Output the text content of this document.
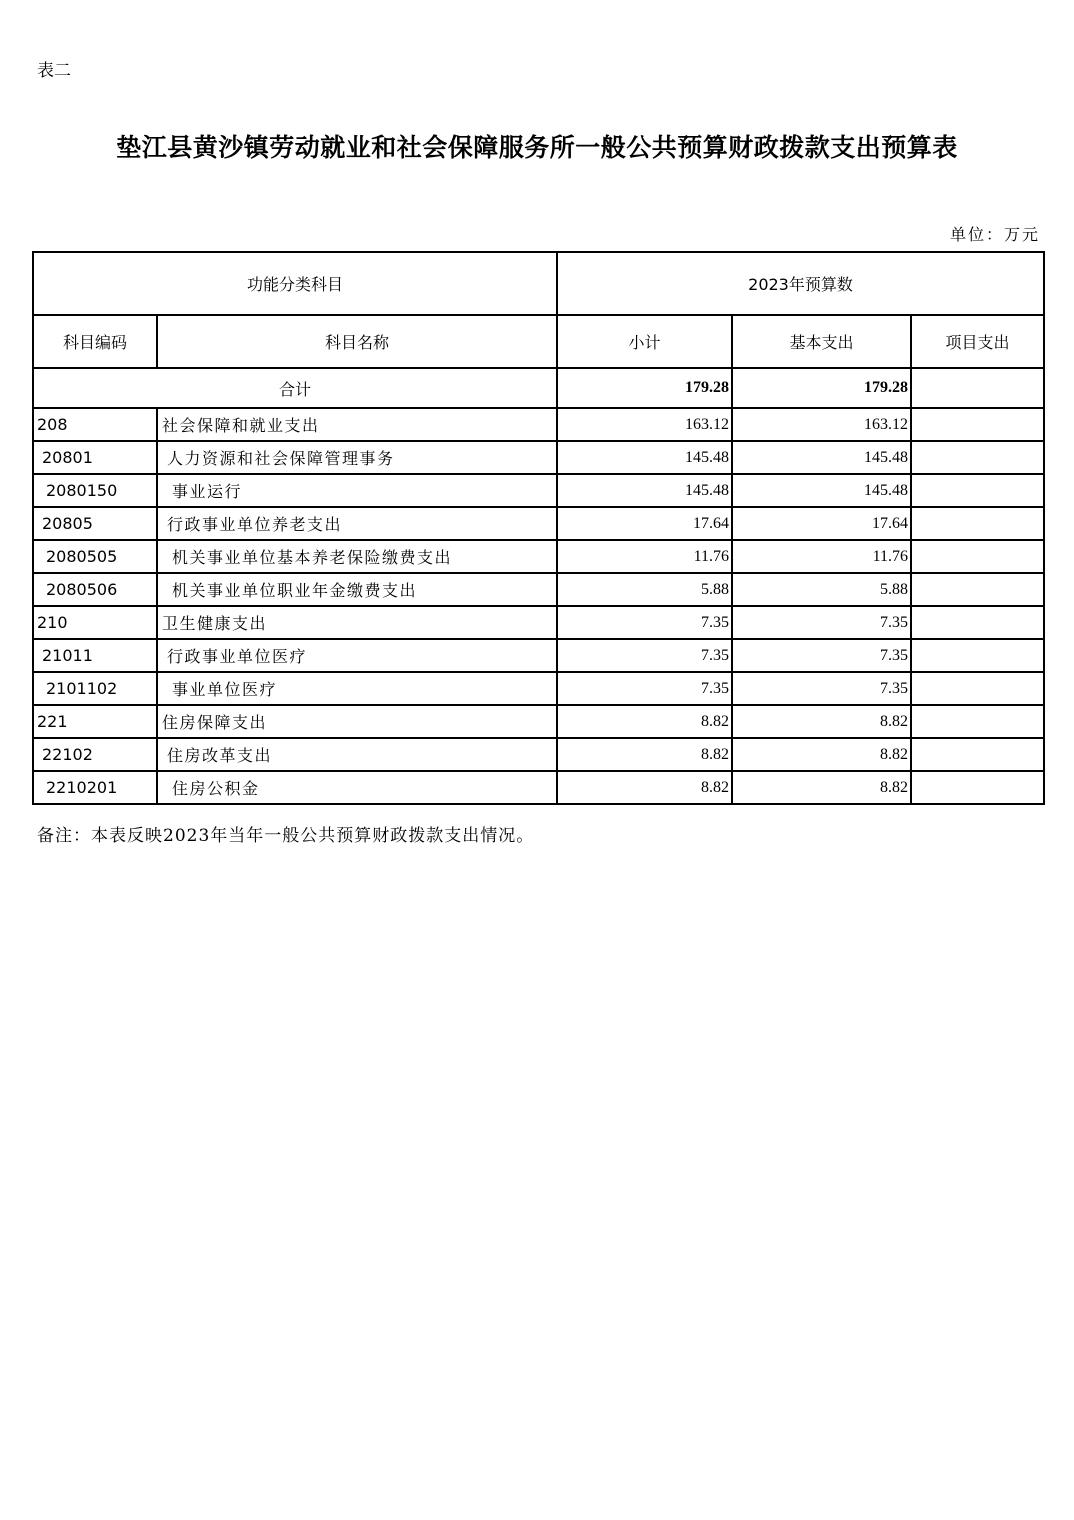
表二
垫江县黄沙镇劳动就业和社会保障服务所一般公共预算财政拨款支出预算表
单位：万元
功能分类科目		2023年预算数		
科目编码	科目名称	小计	基本支出	项目支出
合计		179.28	179.28	
208	社会保障和就业支出	163.12	163.12	
20801	人力资源和社会保障管理事务	145.48	145.48	
2080150	事业运行	145.48	145.48	
20805	行政事业单位养老支出	17.64	17.64	
2080505	机关事业单位基本养老保险缴费支出	11.76	11.76	
2080506	机关事业单位职业年金缴费支出	5.88	5.88	
210	卫生健康支出	7.35	7.35	
21011	行政事业单位医疗	7.35	7.35	
2101102	事业单位医疗	7.35	7.35	
221	住房保障支出	8.82	8.82	
22102	住房改革支出	8.82	8.82	
2210201	住房公积金	8.82	8.82	
备注：本表反映2023年当年一般公共预算财政拨款支出情况。
